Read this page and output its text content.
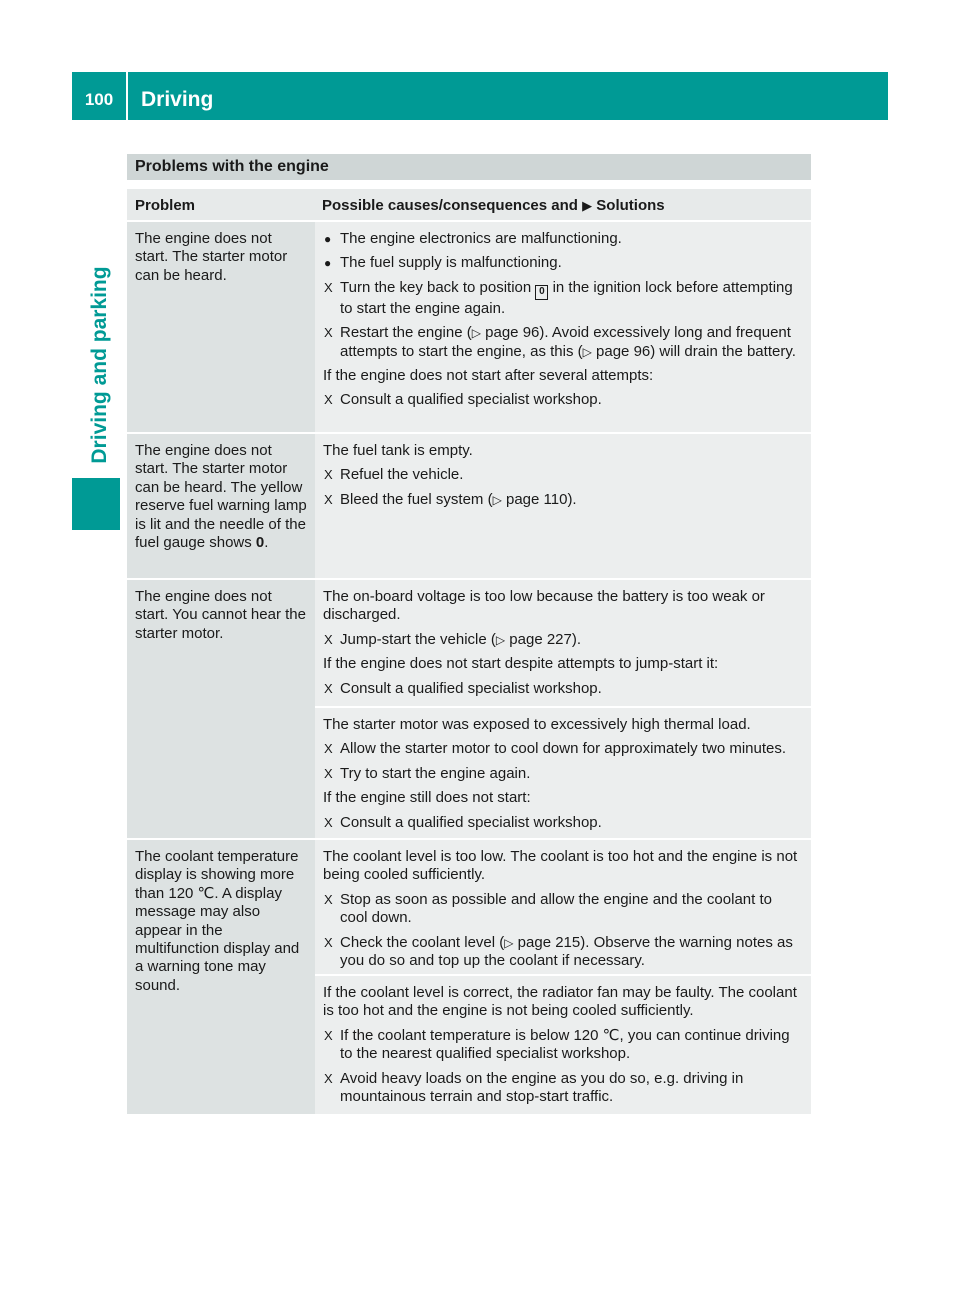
100	Driving
Driving and parking
Problems with the engine
Problem	Possible causes/consequences and ▶ Solutions
The engine does not start. The starter motor can be heard.
● The engine electronics are malfunctioning.
● The fuel supply is malfunctioning.
X Turn the key back to position 0 in the ignition lock before attempting to start the engine again.
X Restart the engine (▷ page 96). Avoid excessively long and frequent attempts to start the engine, as this (▷ page 96) will drain the battery.

If the engine does not start after several attempts:

X Consult a qualified specialist workshop.
The engine does not start. The starter motor can be heard. The yellow reserve fuel warning lamp is lit and the needle of the fuel gauge shows 0.

The fuel tank is empty.

X Refuel the vehicle.
X Bleed the fuel system (▷ page 110).
The engine does not start. You cannot hear the starter motor.

The on-board voltage is too low because the battery is too weak or discharged.

X Jump-start the vehicle (▷ page 227).

If the engine does not start despite attempts to jump-start it:

X Consult a qualified specialist workshop.

The starter motor was exposed to excessively high thermal load.

X Allow the starter motor to cool down for approximately two minutes.
X Try to start the engine again.

If the engine still does not start:

X Consult a qualified specialist workshop.
The coolant temperature display is showing more than 120 ℃. A display message may also appear in the multifunction display and a warning tone may sound.

The coolant level is too low. The coolant is too hot and the engine is not being cooled sufficiently.

X Stop as soon as possible and allow the engine and the coolant to cool down.
X Check the coolant level (▷ page 215). Observe the warning notes as you do so and top up the coolant if necessary.

If the coolant level is correct, the radiator fan may be faulty. The coolant is too hot and the engine is not being cooled sufficiently.

X If the coolant temperature is below 120 ℃, you can continue driving to the nearest qualified specialist workshop.
X Avoid heavy loads on the engine as you do so, e.g. driving in mountainous terrain and stop-start traffic.
